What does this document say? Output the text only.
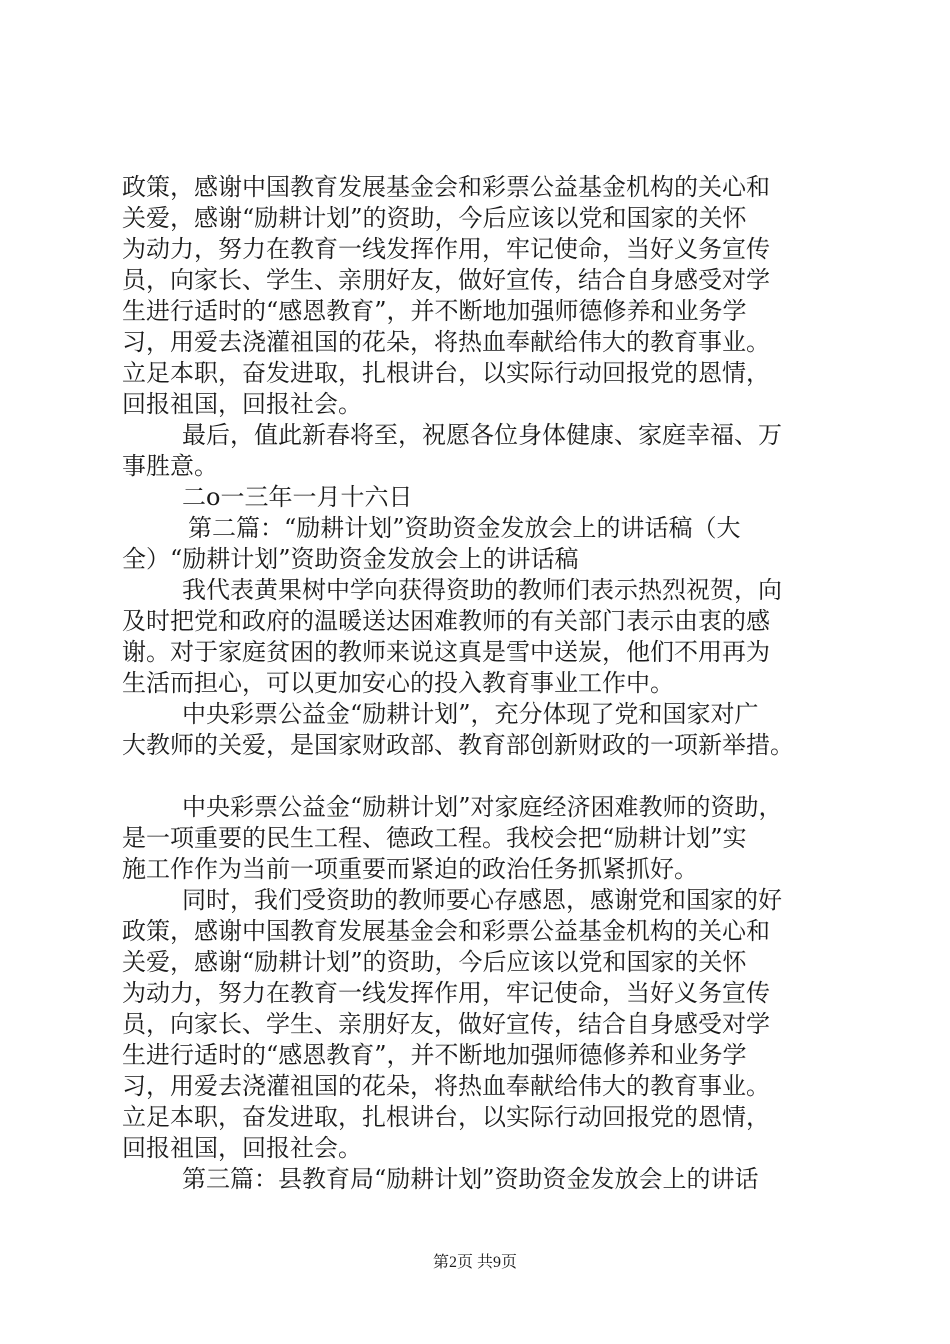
政策，感谢中国教育发展基金会和彩票公益基金机构的关心和
关爱，感谢“励耕计划”的资助，今后应该以党和国家的关怀
为动力，努力在教育一线发挥作用，牢记使命，当好义务宣传
员，向家长、学生、亲朋好友，做好宣传，结合自身感受对学
生进行适时的“感恩教育”，并不断地加强师德修养和业务学
习，用爱去浇灌祖国的花朵，将热血奉献给伟大的教育事业。
立足本职，奋发进取，扎根讲台，以实际行动回报党的恩情，
回报祖国，回报社会。
最后，值此新春将至，祝愿各位身体健康、家庭幸福、万
事胜意。
二o一三年一月十六日
第二篇：“励耕计划”资助资金发放会上的讲话稿（大
全）“励耕计划”资助资金发放会上的讲话稿
我代表黄果树中学向获得资助的教师们表示热烈祝贺，向
及时把党和政府的温暖送达困难教师的有关部门表示由衷的感
谢。对于家庭贫困的教师来说这真是雪中送炭，他们不用再为
生活而担心，可以更加安心的投入教育事业工作中。
中央彩票公益金“励耕计划”，充分体现了党和国家对广
大教师的关爱，是国家财政部、教育部创新财政的一项新举措。
中央彩票公益金“励耕计划”对家庭经济困难教师的资助，
是一项重要的民生工程、德政工程。我校会把“励耕计划”实
施工作作为当前一项重要而紧迫的政治任务抓紧抓好。
同时，我们受资助的教师要心存感恩，感谢党和国家的好
政策，感谢中国教育发展基金会和彩票公益基金机构的关心和
关爱，感谢“励耕计划”的资助，今后应该以党和国家的关怀
为动力，努力在教育一线发挥作用，牢记使命，当好义务宣传
员，向家长、学生、亲朋好友，做好宣传，结合自身感受对学
生进行适时的“感恩教育”，并不断地加强师德修养和业务学
习，用爱去浇灌祖国的花朵，将热血奉献给伟大的教育事业。
立足本职，奋发进取，扎根讲台，以实际行动回报党的恩情，
回报祖国，回报社会。
第三篇：县教育局“励耕计划”资助资金发放会上的讲话
第2页 共9页
